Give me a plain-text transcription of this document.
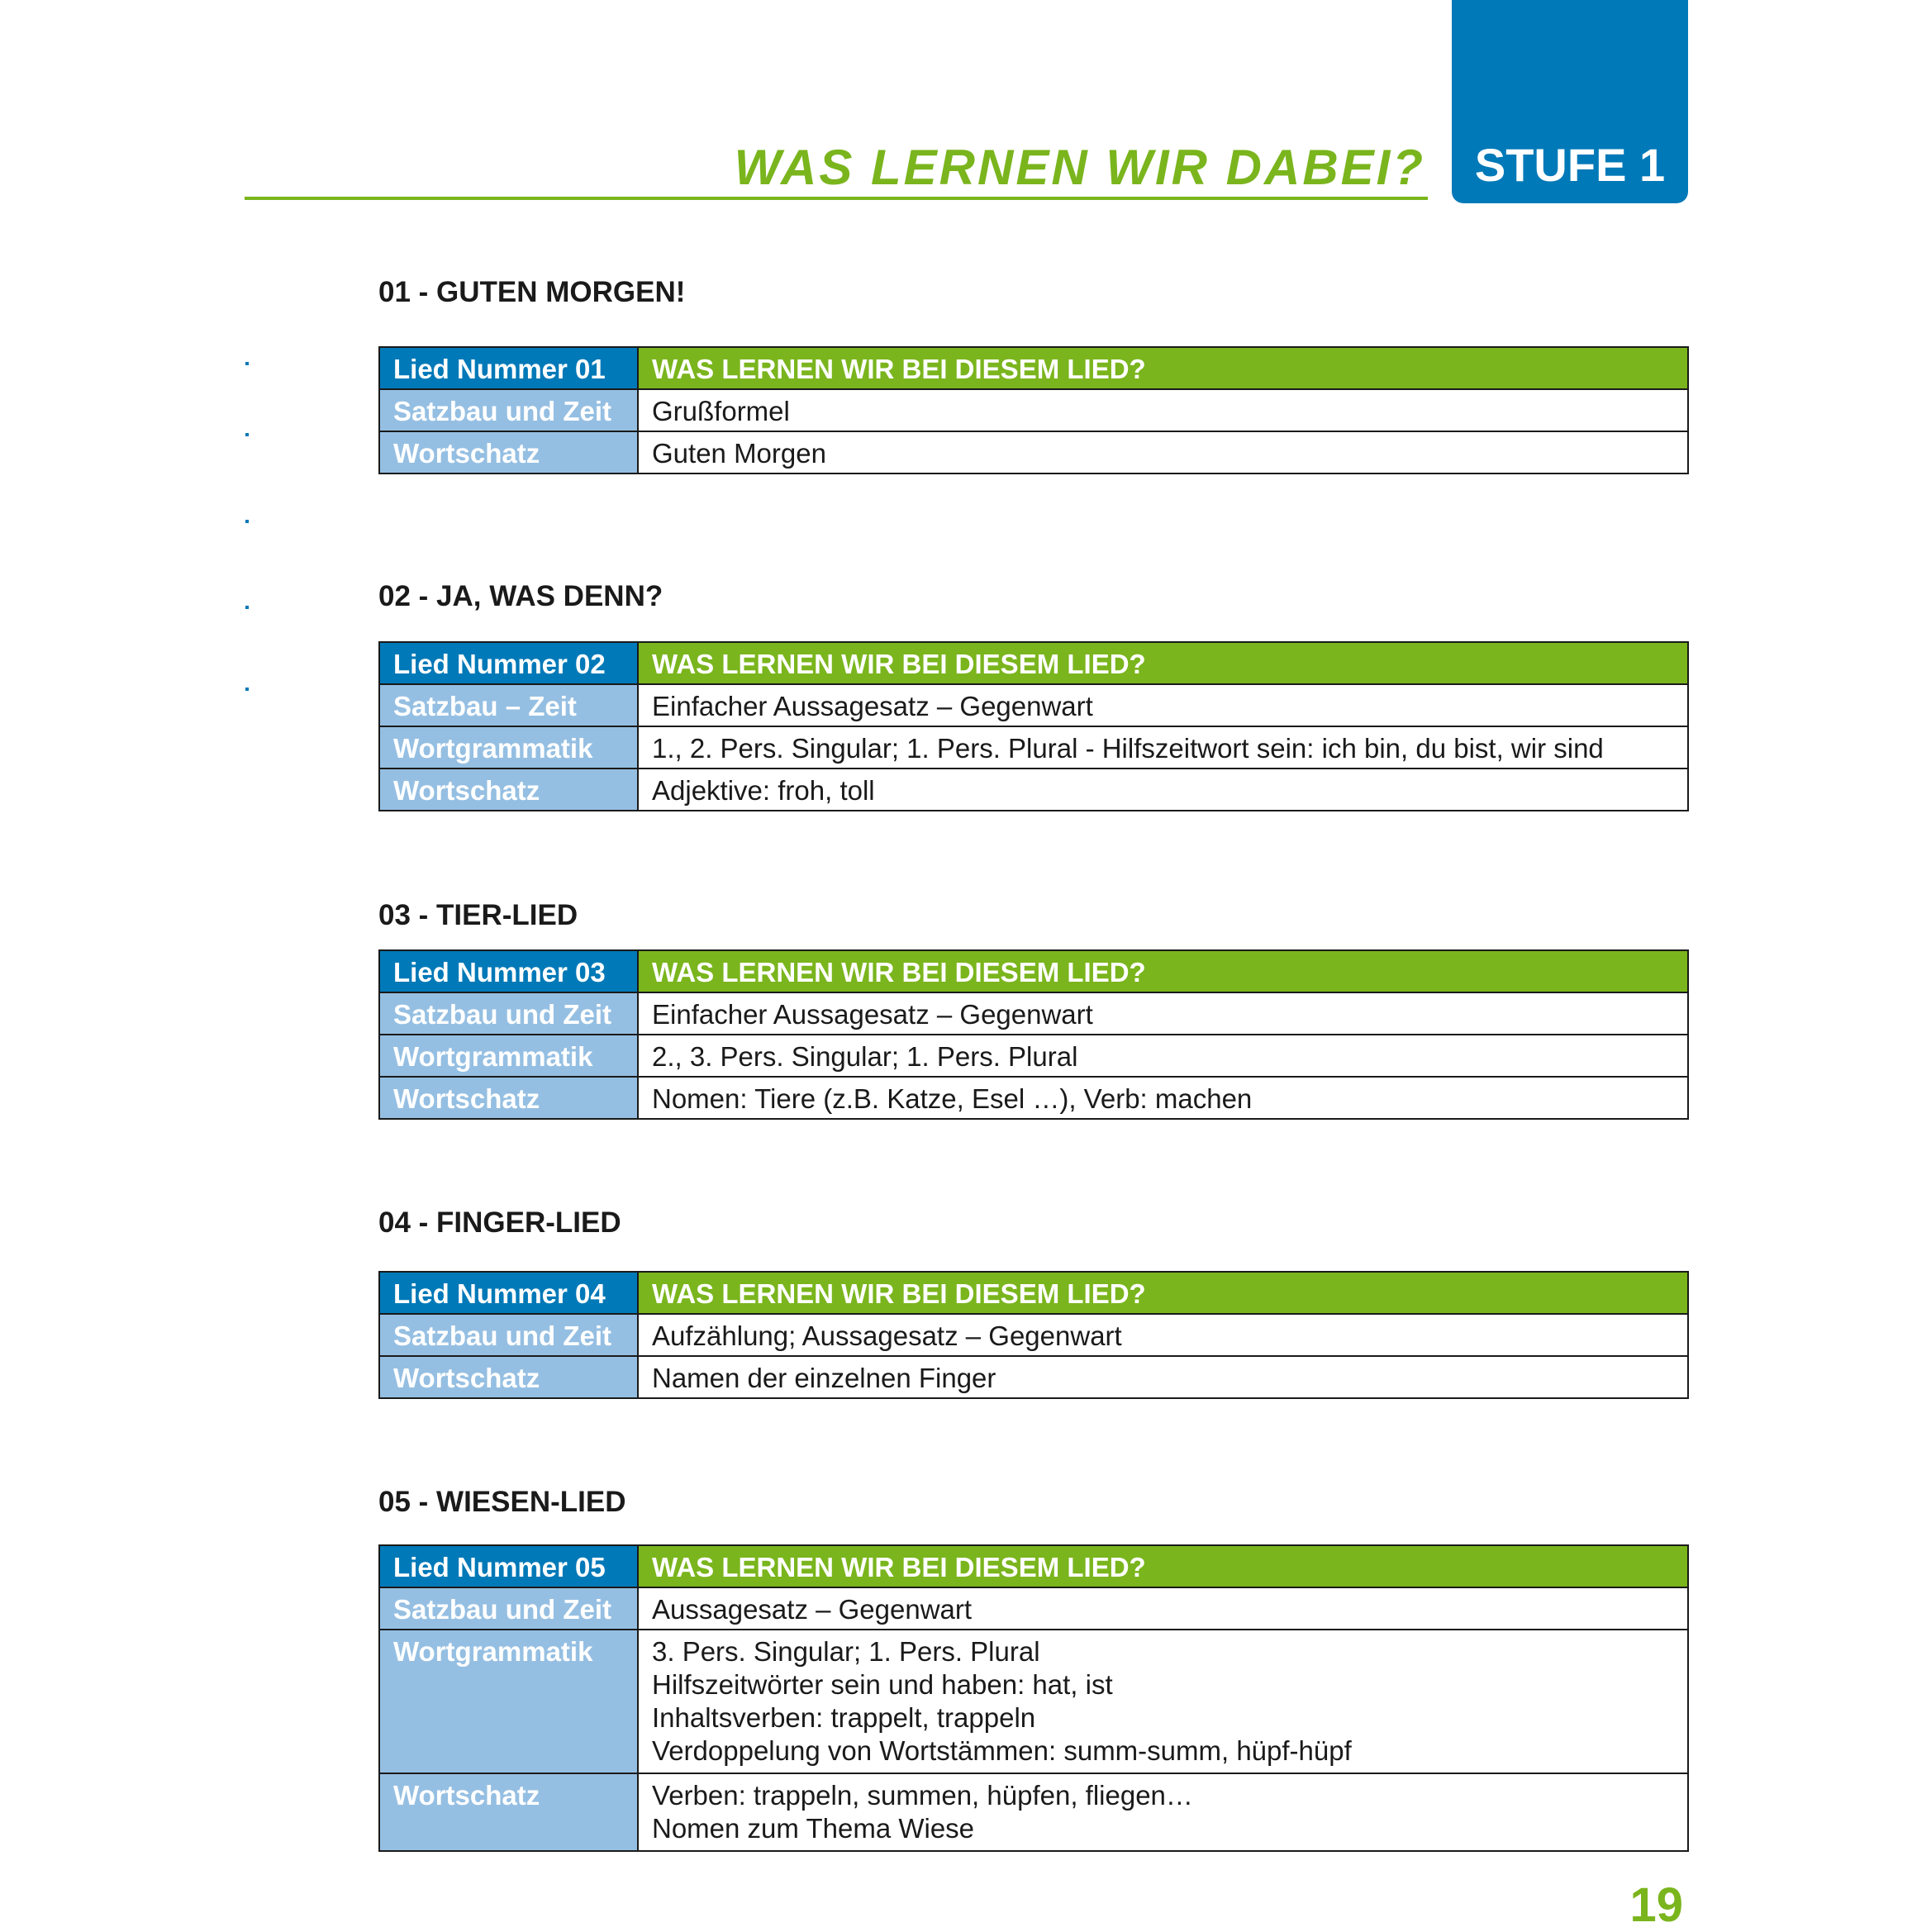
STUFE 1
WAS LERNEN WIR DABEI?
01 - GUTEN MORGEN!
Lied Nummer 01	WAS LERNEN WIR BEI DIESEM LIED?
Satzbau und Zeit	Grußformel

Wortschatz	Guten Morgen
02 - JA, WAS DENN?
Lied Nummer 02	WAS LERNEN WIR BEI DIESEM LIED?
Satzbau – Zeit	Einfacher Aussagesatz – Gegenwart

Wortgrammatik	1., 2. Pers. Singular; 1. Pers. Plural - Hilfszeitwort sein: ich bin, du bist, wir sind

Wortschatz	Adjektive: froh, toll
03 - TIER-LIED
Lied Nummer 03	WAS LERNEN WIR BEI DIESEM LIED?
Satzbau und Zeit	Einfacher Aussagesatz – Gegenwart

Wortgrammatik	2., 3. Pers. Singular; 1. Pers. Plural

Wortschatz	Nomen: Tiere (z.B. Katze, Esel …), Verb: machen
04 - FINGER-LIED
Lied Nummer 04	WAS LERNEN WIR BEI DIESEM LIED?
Satzbau und Zeit	Aufzählung; Aussagesatz – Gegenwart

Wortschatz	Namen der einzelnen Finger
05 - WIESEN-LIED
Lied Nummer 05	WAS LERNEN WIR BEI DIESEM LIED?
Satzbau und Zeit	Aussagesatz – Gegenwart

Wortgrammatik	3. Pers. Singular; 1. Pers. Plural
Hilfszeitwörter sein und haben: hat, ist
Inhaltsverben: trappelt, trappeln
Verdoppelung von Wortstämmen: summ-summ, hüpf-hüpf

Wortschatz	Verben: trappeln, summen, hüpfen, fliegen…
Nomen zum Thema Wiese
19
